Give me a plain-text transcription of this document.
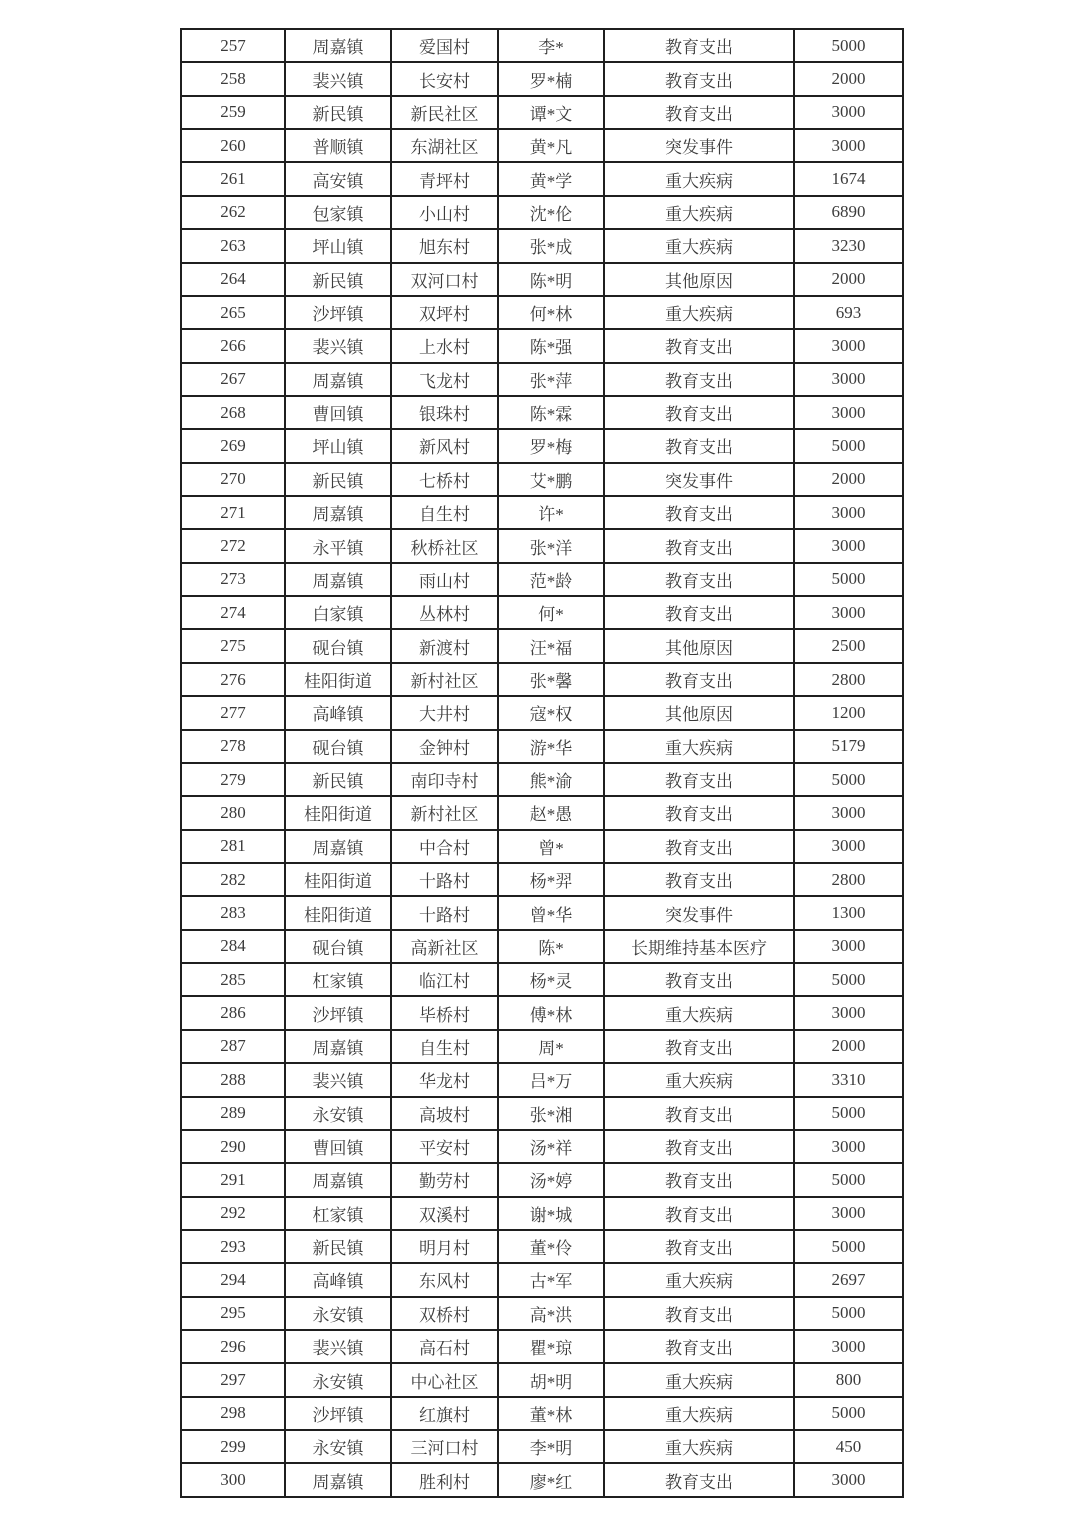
257	周嘉镇	爱国村	李*	教育支出	5000
258	裴兴镇	长安村	罗*楠	教育支出	2000
259	新民镇	新民社区	谭*文	教育支出	3000
260	普顺镇	东湖社区	黄*凡	突发事件	3000
261	高安镇	青坪村	黄*学	重大疾病	1674
262	包家镇	小山村	沈*伦	重大疾病	6890
263	坪山镇	旭东村	张*成	重大疾病	3230
264	新民镇	双河口村	陈*明	其他原因	2000
265	沙坪镇	双坪村	何*林	重大疾病	693
266	裴兴镇	上水村	陈*强	教育支出	3000
267	周嘉镇	飞龙村	张*萍	教育支出	3000
268	曹回镇	银珠村	陈*霖	教育支出	3000
269	坪山镇	新风村	罗*梅	教育支出	5000
270	新民镇	七桥村	艾*鹏	突发事件	2000
271	周嘉镇	自生村	许*	教育支出	3000
272	永平镇	秋桥社区	张*洋	教育支出	3000
273	周嘉镇	雨山村	范*龄	教育支出	5000
274	白家镇	丛林村	何*	教育支出	3000
275	砚台镇	新渡村	汪*福	其他原因	2500
276	桂阳街道	新村社区	张*馨	教育支出	2800
277	高峰镇	大井村	寇*权	其他原因	1200
278	砚台镇	金钟村	游*华	重大疾病	5179
279	新民镇	南印寺村	熊*渝	教育支出	5000
280	桂阳街道	新村社区	赵*愚	教育支出	3000
281	周嘉镇	中合村	曾*	教育支出	3000
282	桂阳街道	十路村	杨*羿	教育支出	2800
283	桂阳街道	十路村	曾*华	突发事件	1300
284	砚台镇	高新社区	陈*	长期维持基本医疗	3000
285	杠家镇	临江村	杨*灵	教育支出	5000
286	沙坪镇	毕桥村	傅*林	重大疾病	3000
287	周嘉镇	自生村	周*	教育支出	2000
288	裴兴镇	华龙村	吕*万	重大疾病	3310
289	永安镇	高坡村	张*湘	教育支出	5000
290	曹回镇	平安村	汤*祥	教育支出	3000
291	周嘉镇	勤劳村	汤*婷	教育支出	5000
292	杠家镇	双溪村	谢*城	教育支出	3000
293	新民镇	明月村	董*伶	教育支出	5000
294	高峰镇	东风村	古*军	重大疾病	2697
295	永安镇	双桥村	高*洪	教育支出	5000
296	裴兴镇	高石村	瞿*琼	教育支出	3000
297	永安镇	中心社区	胡*明	重大疾病	800
298	沙坪镇	红旗村	董*林	重大疾病	5000
299	永安镇	三河口村	李*明	重大疾病	450
300	周嘉镇	胜利村	廖*红	教育支出	3000
